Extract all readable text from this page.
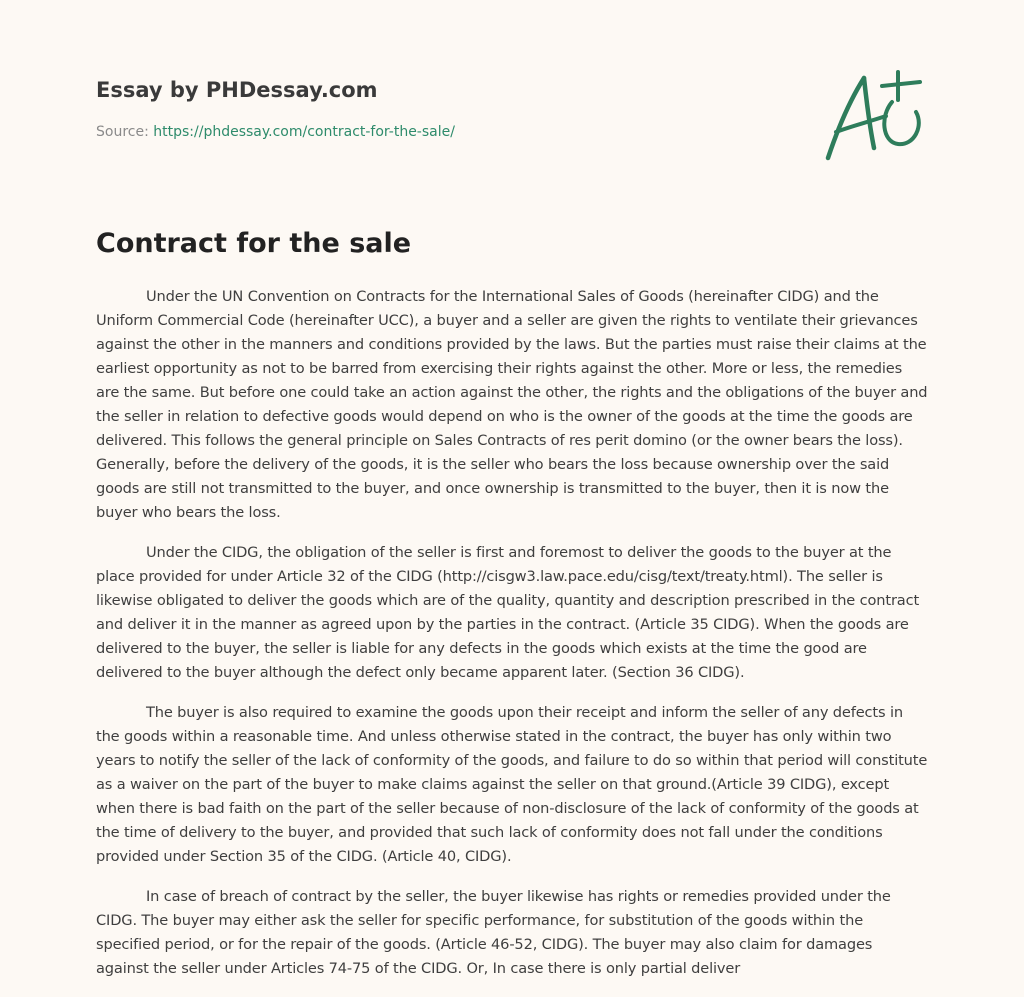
Essay by PHDessay.com
Source: https://phdessay.com/contract-for-the-sale/
Contract for the sale

Under the UN Convention on Contracts for the International Sales of Goods (hereinafter CIDG) and the Uniform Commercial Code (hereinafter UCC), a buyer and a seller are given the rights to ventilate their grievances against the other in the manners and conditions provided by the laws. But the parties must raise their claims at the earliest opportunity as not to be barred from exercising their rights against the other. More or less, the remedies are the same. But before one could take an action against the other, the rights and the obligations of the buyer and the seller in relation to defective goods would depend on who is the owner of the goods at the time the goods are delivered. This follows the general principle on Sales Contracts of res perit domino (or the owner bears the loss). Generally, before the delivery of the goods, it is the seller who bears the loss because ownership over the said goods are still not transmitted to the buyer, and once ownership is transmitted to the buyer, then it is now the buyer who bears the loss.

Under the CIDG, the obligation of the seller is first and foremost to deliver the goods to the buyer at the place provided for under Article 32 of the CIDG (http://cisgw3.law.pace.edu/cisg/text/treaty.html). The seller is likewise obligated to deliver the goods which are of the quality, quantity and description prescribed in the contract and deliver it in the manner as agreed upon by the parties in the contract. (Article 35 CIDG). When the goods are delivered to the buyer, the seller is liable for any defects in the goods which exists at the time the good are delivered to the buyer although the defect only became apparent later. (Section 36 CIDG).

The buyer is also required to examine the goods upon their receipt and inform the seller of any defects in the goods within a reasonable time. And unless otherwise stated in the contract, the buyer has only within two years to notify the seller of the lack of conformity of the goods, and failure to do so within that period will constitute as a waiver on the part of the buyer to make claims against the seller on that ground.(Article 39 CIDG), except when there is bad faith on the part of the seller because of non-disclosure of the lack of conformity of the goods at the time of delivery to the buyer, and provided that such lack of conformity does not fall under the conditions provided under Section 35 of the CIDG. (Article 40, CIDG).

In case of breach of contract by the seller, the buyer likewise has rights or remedies provided under the CIDG. The buyer may either ask the seller for specific performance, for substitution of the goods within the specified period, or for the repair of the goods. (Article 46-52, CIDG). The buyer may also claim for damages against the seller under Articles 74-75 of the CIDG. Or, In case there is only partial deliver
